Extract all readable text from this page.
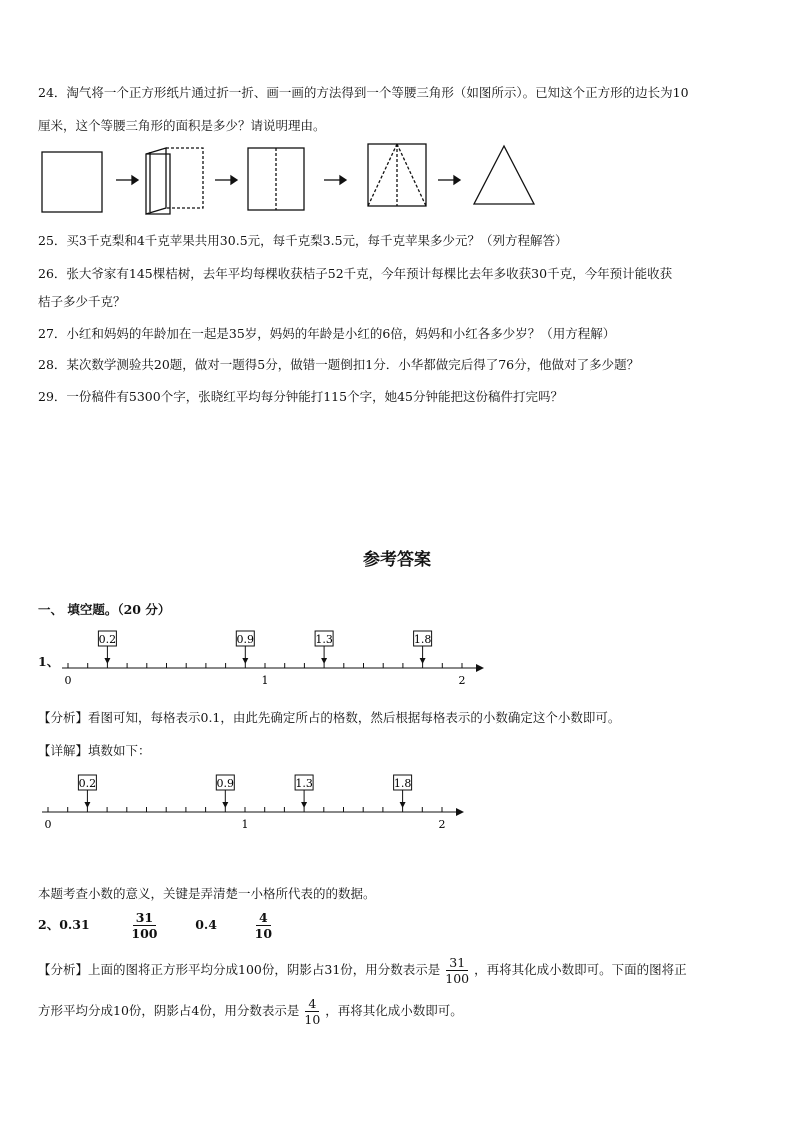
24．淘气将一个正方形纸片通过折一折、画一画的方法得到一个等腰三角形（如图所示）。已知这个正方形的边长为10
厘米，这个等腰三角形的面积是多少？请说明理由。
25．买3千克梨和4千克苹果共用30.5元，每千克梨3.5元，每千克苹果多少元？（列方程解答）
26．张大爷家有145棵桔树，去年平均每棵收获桔子52千克，今年预计每棵比去年多收获30千克，今年预计能收获
桔子多少千克？
27．小红和妈妈的年龄加在一起是35岁，妈妈的年龄是小红的6倍，妈妈和小红各多少岁？（用方程解）
28．某次数学测验共20题，做对一题得5分，做错一题倒扣1分．小华都做完后得了76分，他做对了多少题？
29．一份稿件有5300个字，张晓红平均每分钟能打115个字，她45分钟能把这份稿件打完吗？
参考答案
一、 填空题。（20 分）
1、
0	1	2
0.2	0.9	1.3	1.8
【分析】看图可知，每格表示0.1，由此先确定所占的格数，然后根据每格表示的小数确定这个小数即可。
【详解】填数如下：
0	1	2
0.2	0.9	1.3	1.8
本题考查小数的意义，关键是弄清楚一小格所代表的的数据。
2、0.31	$\frac{31}{100}$	0.4	$\frac{4}{10}$
【分析】上面的图将正方形平均分成100份，阴影占31份，用分数表示是 $\frac{31}{100}$ ，再将其化成小数即可。下面的图将正
方形平均分成10份，阴影占4份，用分数表示是 $\frac{4}{10}$ ，再将其化成小数即可。
